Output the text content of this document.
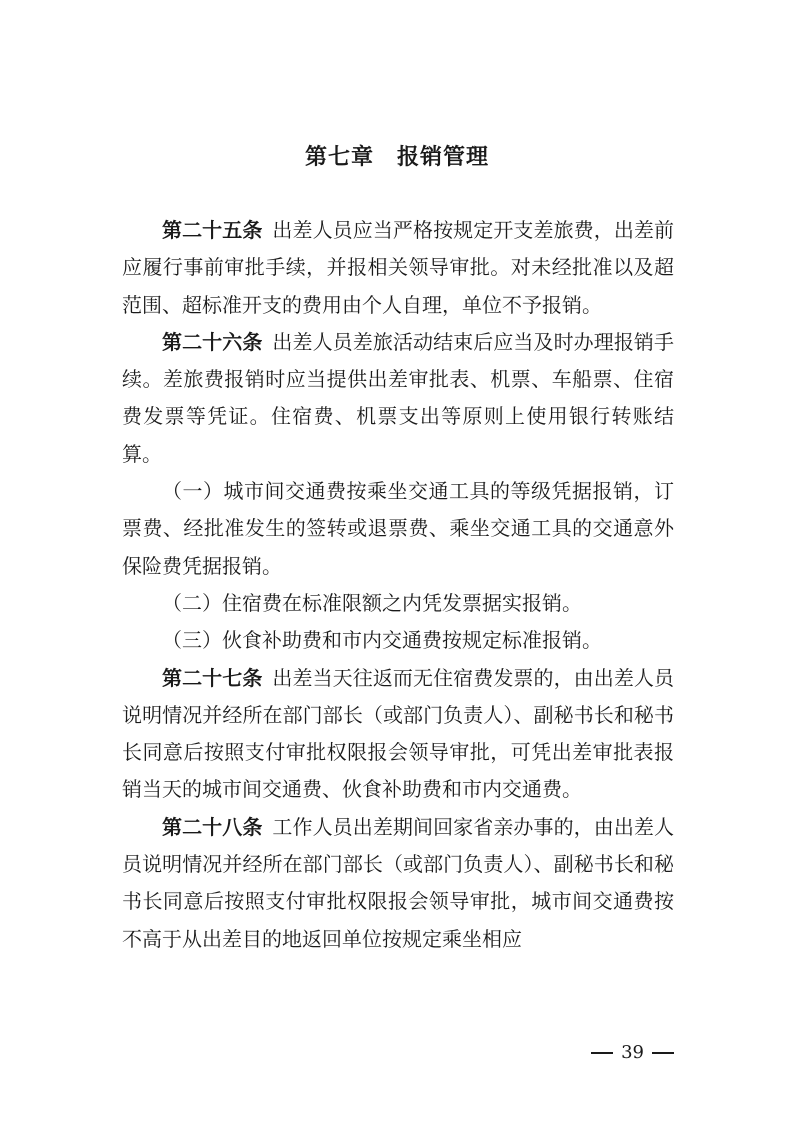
第七章　报销管理

第二十五条 出差人员应当严格按规定开支差旅费，出差前应履行事前审批手续，并报相关领导审批。对未经批准以及超范围、超标准开支的费用由个人自理，单位不予报销。

第二十六条 出差人员差旅活动结束后应当及时办理报销手续。差旅费报销时应当提供出差审批表、机票、车船票、住宿费发票等凭证。住宿费、机票支出等原则上使用银行转账结算。

（一）城市间交通费按乘坐交通工具的等级凭据报销，订票费、经批准发生的签转或退票费、乘坐交通工具的交通意外保险费凭据报销。

（二）住宿费在标准限额之内凭发票据实报销。

（三）伙食补助费和市内交通费按规定标准报销。

第二十七条 出差当天往返而无住宿费发票的，由出差人员说明情况并经所在部门部长（或部门负责人）、副秘书长和秘书长同意后按照支付审批权限报会领导审批，可凭出差审批表报销当天的城市间交通费、伙食补助费和市内交通费。

第二十八条 工作人员出差期间回家省亲办事的，由出差人员说明情况并经所在部门部长（或部门负责人）、副秘书长和秘书长同意后按照支付审批权限报会领导审批，城市间交通费按不高于从出差目的地返回单位按规定乘坐相应

39
